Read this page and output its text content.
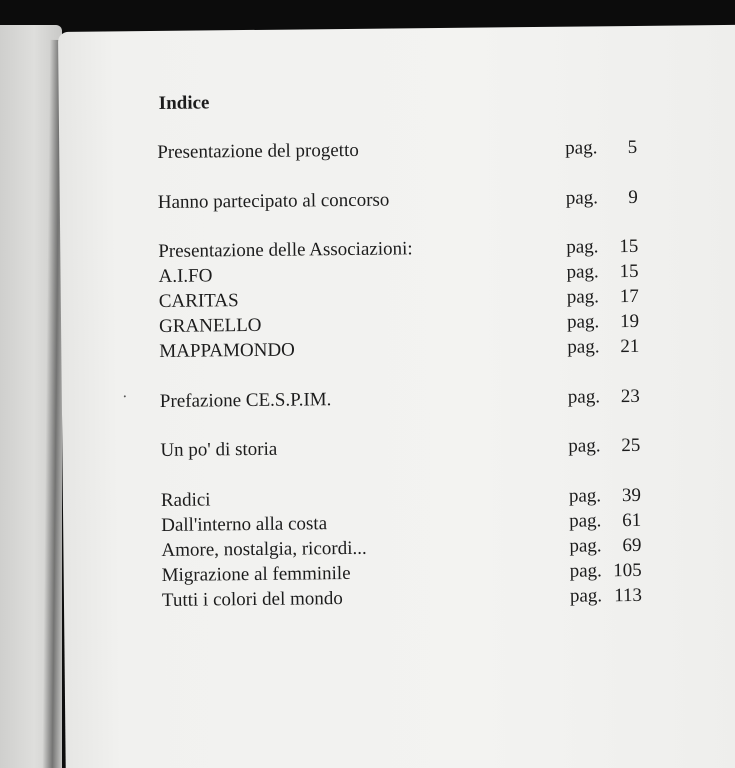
Indice
Presentazione del progetto	pag. 5
Hanno partecipato al concorso	pag. 9
Presentazione delle Associazioni:	pag. 15
A.I.FO	pag. 15
CARITAS	pag. 17
GRANELLO	pag. 19
MAPPAMONDO	pag. 21
Prefazione CE.S.P.IM.	pag. 23
Un po' di storia	pag. 25
Radici	pag. 39
Dall'interno alla costa	pag. 61
Amore, nostalgia, ricordi...	pag. 69
Migrazione al femminile	pag. 105
Tutti i colori del mondo	pag. 113
